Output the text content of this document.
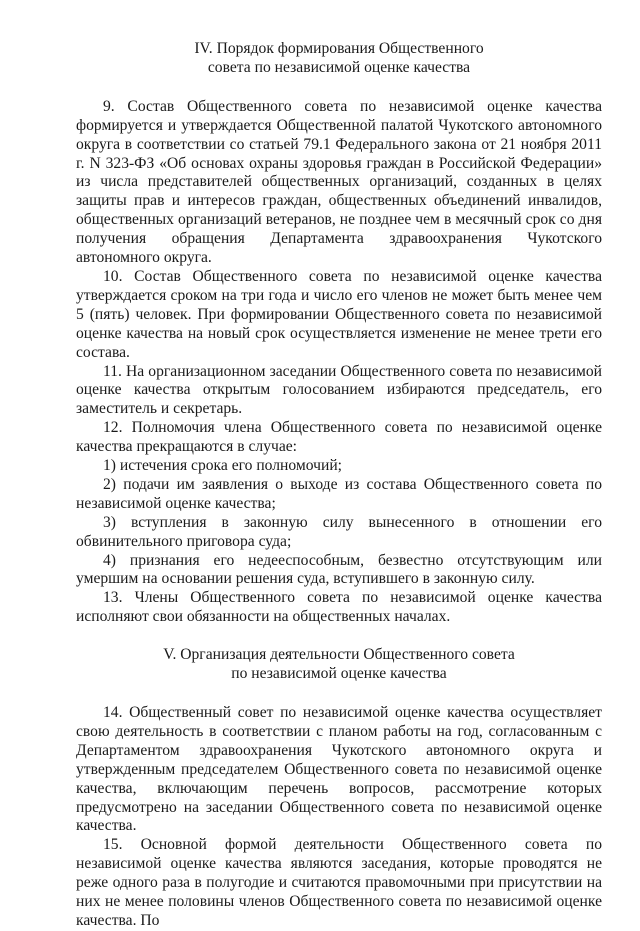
IV. Порядок формирования Общественного
совета по независимой оценке качества

9. Состав Общественного совета по независимой оценке качества формируется и утверждается Общественной палатой Чукотского автономного округа в соответствии со статьей 79.1 Федерального закона от 21 ноября 2011 г. N 323-ФЗ «Об основах охраны здоровья граждан в Российской Федерации» из числа представителей общественных организаций, созданных в целях защиты прав и интересов граждан, общественных объединений инвалидов, общественных организаций ветеранов, не позднее чем в месячный срок со дня получения обращения Департамента здравоохранения Чукотского автономного округа.

10. Состав Общественного совета по независимой оценке качества утверждается сроком на три года и число его членов не может быть менее чем 5 (пять) человек. При формировании Общественного совета по независимой оценке качества на новый срок осуществляется изменение не менее трети его состава.

11. На организационном заседании Общественного совета по независимой оценке качества открытым голосованием избираются председатель, его заместитель и секретарь.

12. Полномочия члена Общественного совета по независимой оценке качества прекращаются в случае:

1) истечения срока его полномочий;

2) подачи им заявления о выходе из состава Общественного совета по независимой оценке качества;

3) вступления в законную силу вынесенного в отношении его обвинительного приговора суда;

4) признания его недееспособным, безвестно отсутствующим или умершим на основании решения суда, вступившего в законную силу.

13. Члены Общественного совета по независимой оценке качества исполняют свои обязанности на общественных началах.

V. Организация деятельности Общественного совета
по независимой оценке качества

14. Общественный совет по независимой оценке качества осуществляет свою деятельность в соответствии с планом работы на год, согласованным с Департаментом здравоохранения Чукотского автономного округа и утвержденным председателем Общественного совета по независимой оценке качества, включающим перечень вопросов, рассмотрение которых предусмотрено на заседании Общественного совета по независимой оценке качества.

15. Основной формой деятельности Общественного совета по независимой оценке качества являются заседания, которые проводятся не реже одного раза в полугодие и считаются правомочными при присутствии на них не менее половины членов Общественного совета по независимой оценке качества. По
